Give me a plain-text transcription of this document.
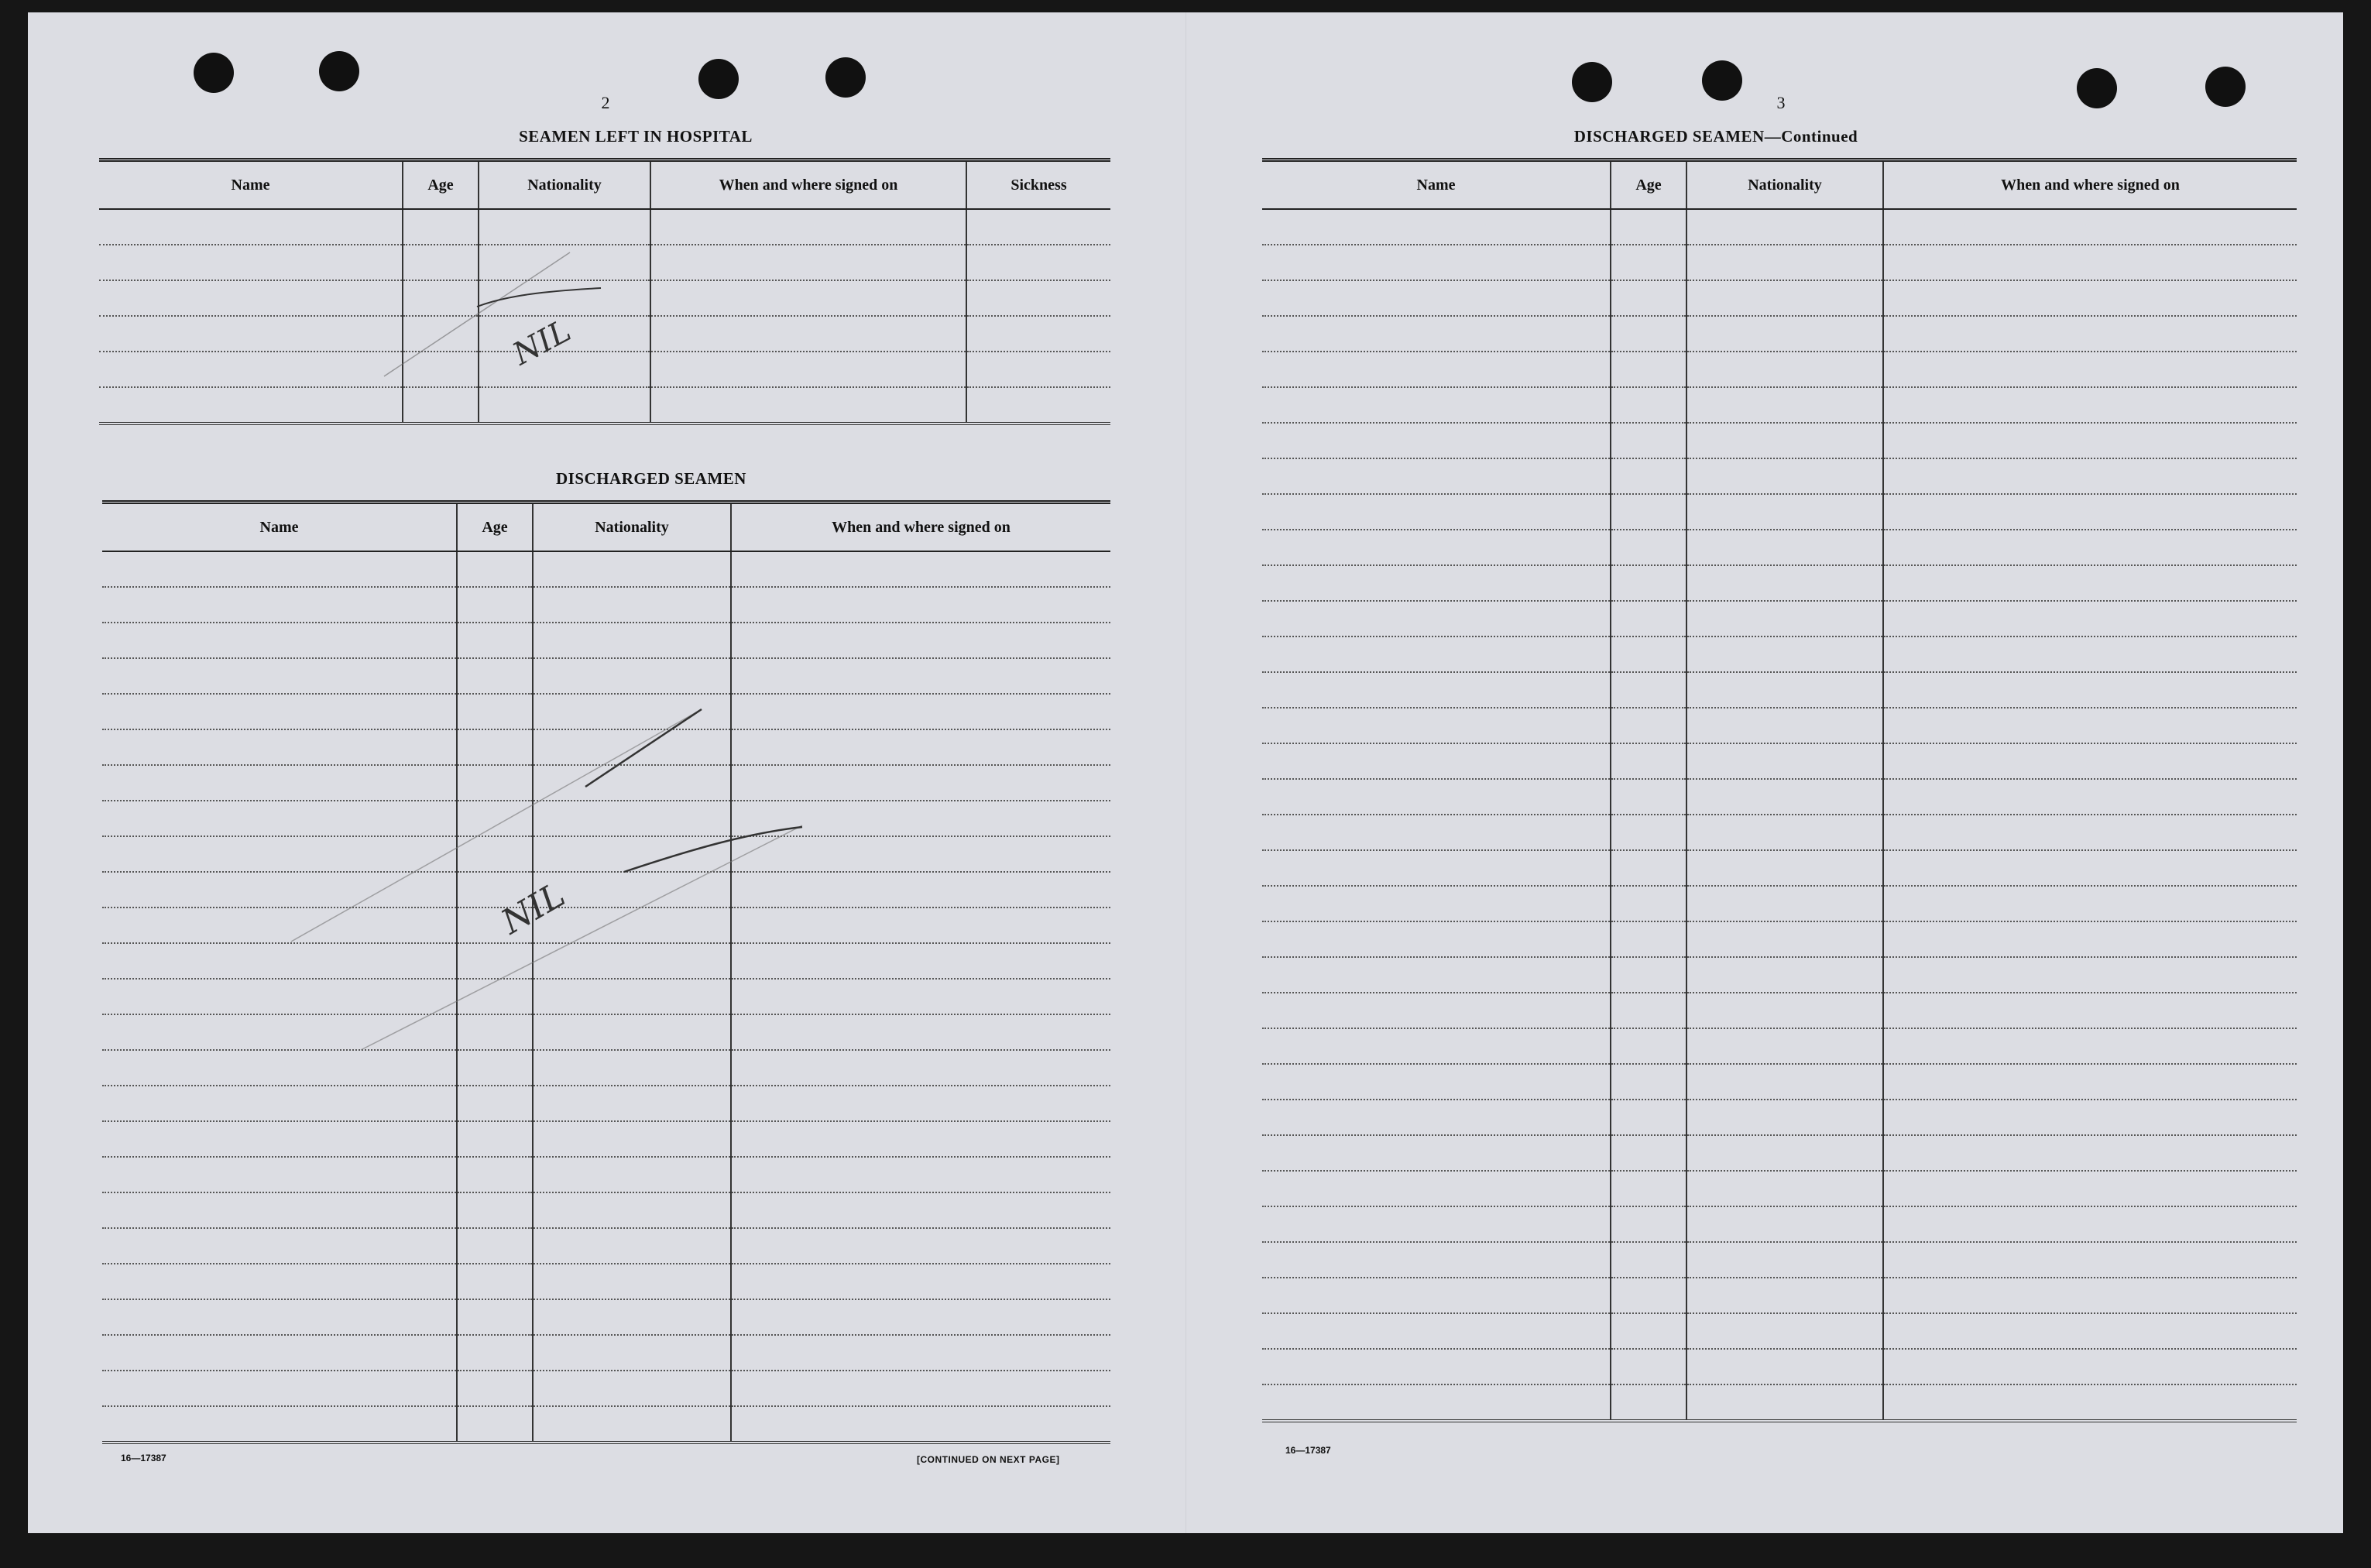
2
SEAMEN LEFT IN HOSPITAL
Name	Age	Nationality	When and where signed on	Sickness

NIL
DISCHARGED SEAMEN
Name	Age	Nationality	When and where signed on

NIL
16—17387	[CONTINUED ON NEXT PAGE]
3
DISCHARGED SEAMEN—Continued
Name	Age	Nationality	When and where signed on

16—17387
